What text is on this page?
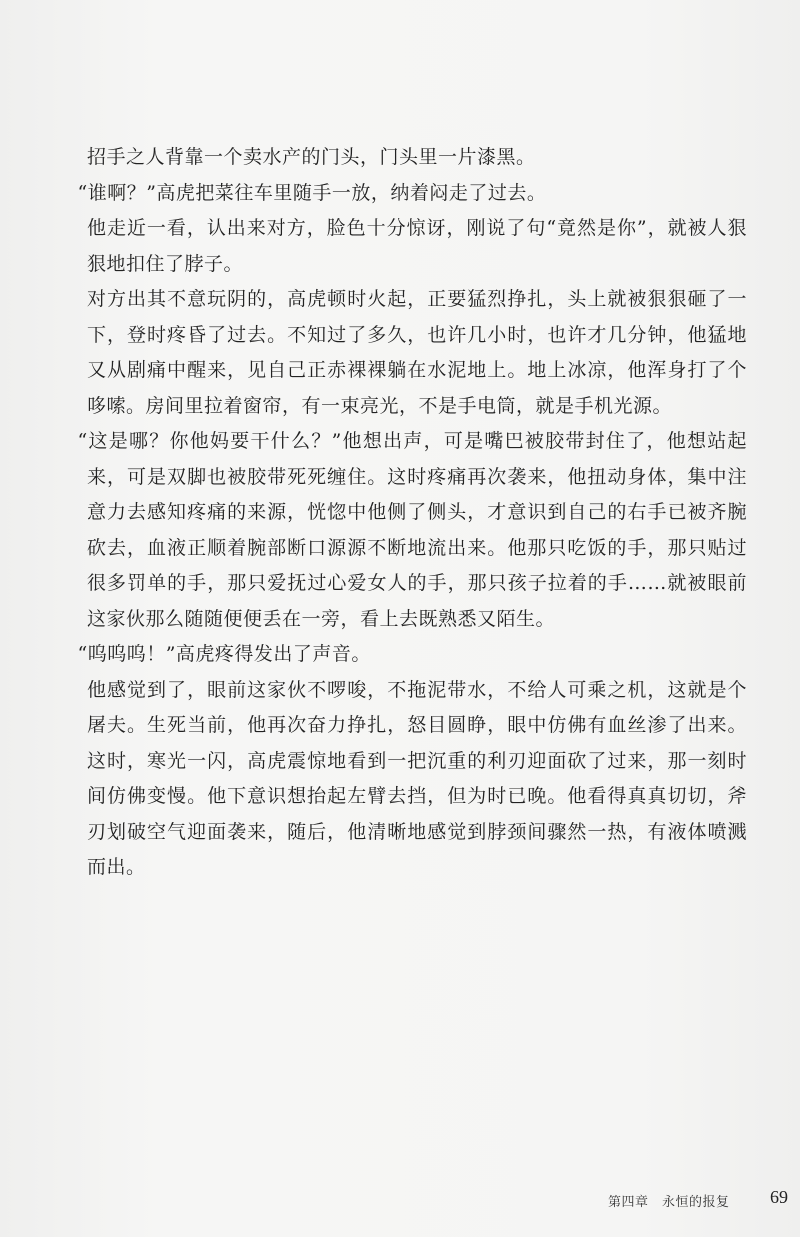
招手之人背靠一个卖水产的门头，门头里一片漆黑。

“谁啊？”高虎把菜往车里随手一放，纳着闷走了过去。

他走近一看，认出来对方，脸色十分惊讶，刚说了句“竟然是你”，就被人狠狠地扣住了脖子。

对方出其不意玩阴的，高虎顿时火起，正要猛烈挣扎，头上就被狠狠砸了一下，登时疼昏了过去。不知过了多久，也许几小时，也许才几分钟，他猛地又从剧痛中醒来，见自己正赤裸裸躺在水泥地上。地上冰凉，他浑身打了个哆嗦。房间里拉着窗帘，有一束亮光，不是手电筒，就是手机光源。

“这是哪？你他妈要干什么？”他想出声，可是嘴巴被胶带封住了，他想站起来，可是双脚也被胶带死死缠住。这时疼痛再次袭来，他扭动身体，集中注意力去感知疼痛的来源，恍惚中他侧了侧头，才意识到自己的右手已被齐腕砍去，血液正顺着腕部断口源源不断地流出来。他那只吃饭的手，那只贴过很多罚单的手，那只爱抚过心爱女人的手，那只孩子拉着的手……就被眼前这家伙那么随随便便丢在一旁，看上去既熟悉又陌生。

“呜呜呜！”高虎疼得发出了声音。

他感觉到了，眼前这家伙不啰唆，不拖泥带水，不给人可乘之机，这就是个屠夫。生死当前，他再次奋力挣扎，怒目圆睁，眼中仿佛有血丝渗了出来。这时，寒光一闪，高虎震惊地看到一把沉重的利刃迎面砍了过来，那一刻时间仿佛变慢。他下意识想抬起左臂去挡，但为时已晚。他看得真真切切，斧刃划破空气迎面袭来，随后，他清晰地感觉到脖颈间骤然一热，有液体喷溅而出。

第四章　永恒的报复 69
